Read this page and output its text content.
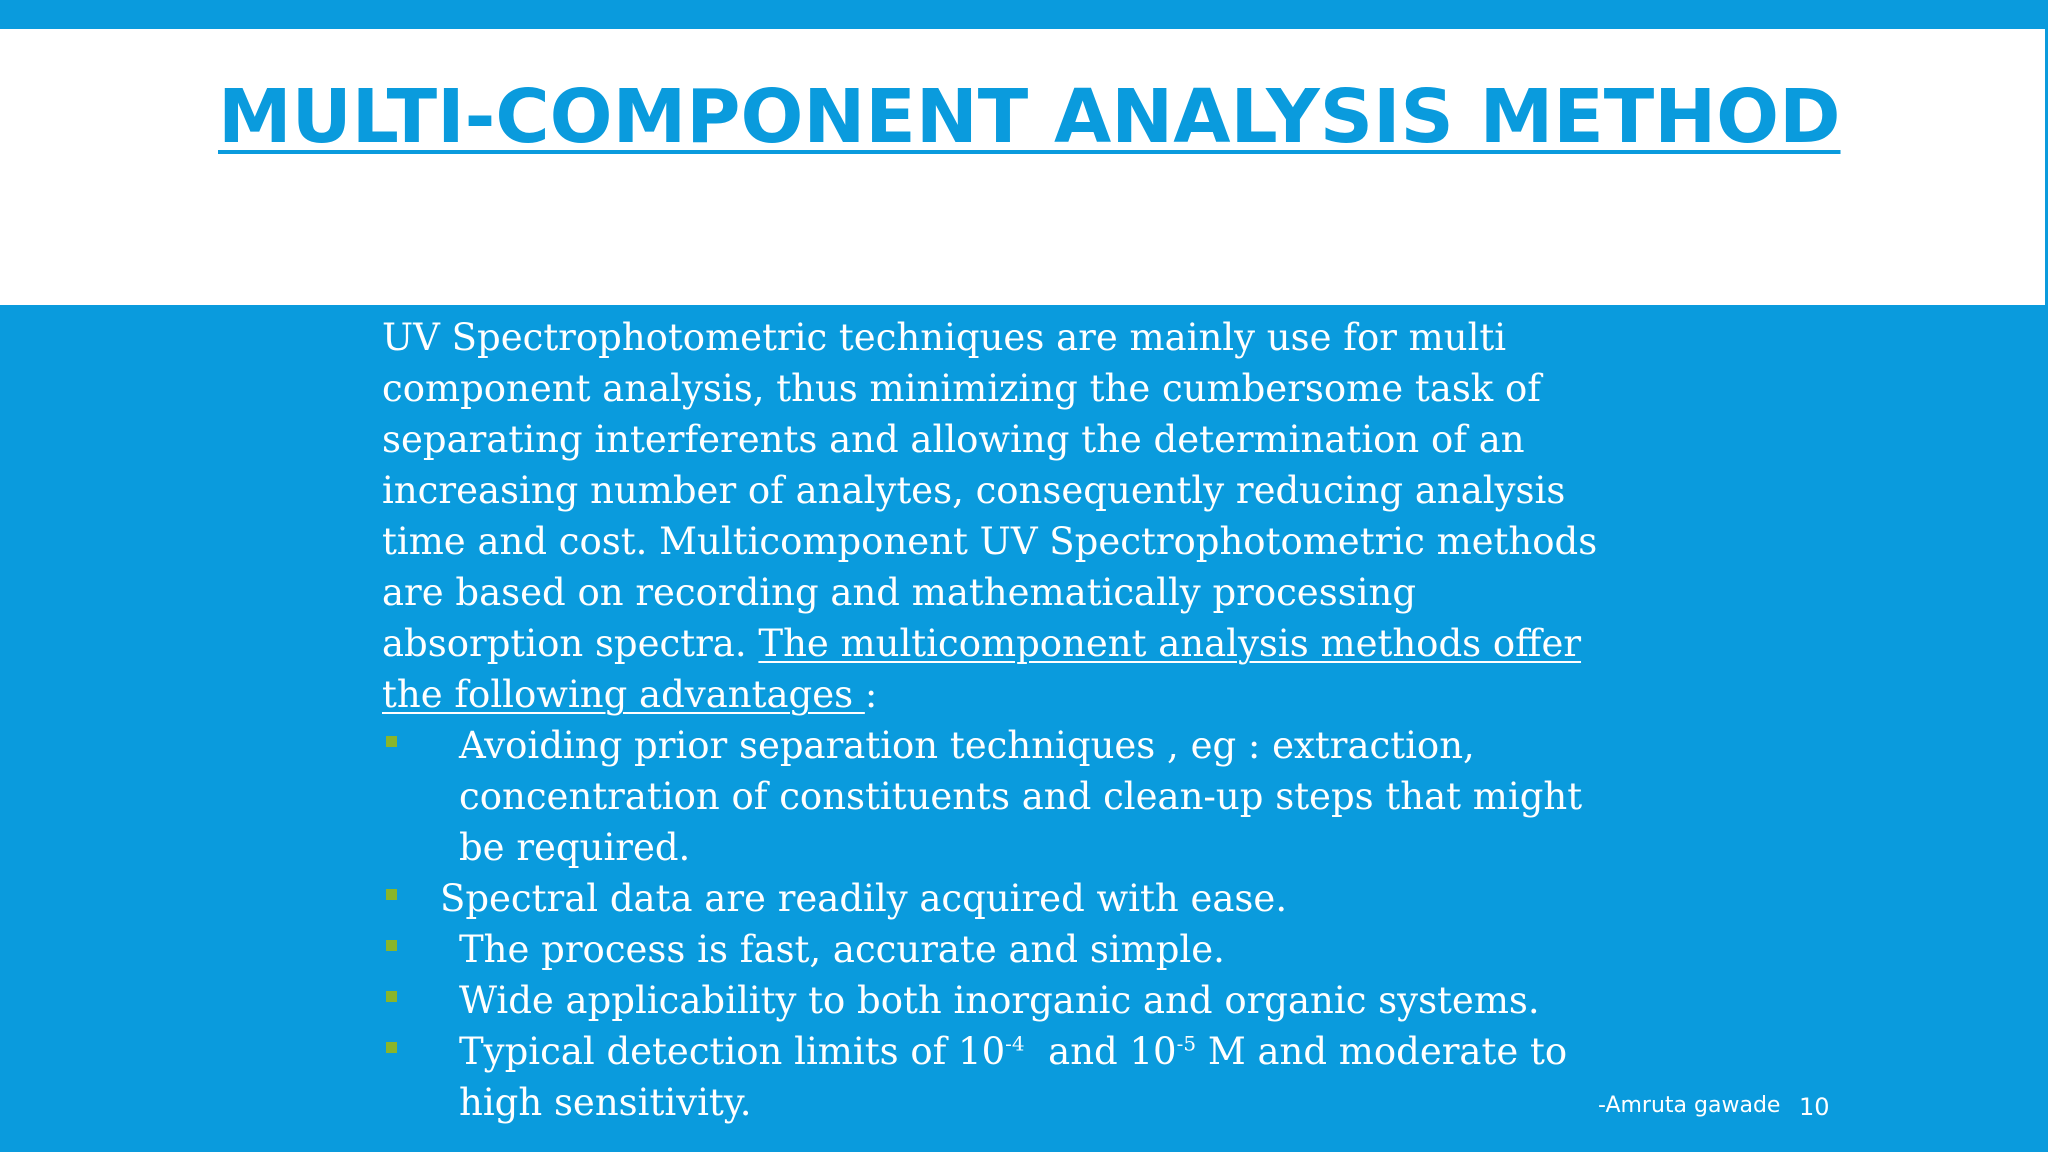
MULTI-COMPONENT ANALYSIS METHOD

UV Spectrophotometric techniques are mainly use for multi component analysis, thus minimizing the cumbersome task of separating interferents and allowing the determination of an increasing number of analytes, consequently reducing analysis time and cost. Multicomponent UV Spectrophotometric methods are based on recording and mathematically processing absorption spectra. The multicomponent analysis methods offer the following advantages :

Avoiding prior separation techniques , eg : extraction, concentration of constituents and clean-up steps that might be required.
Spectral data are readily acquired with ease.
The process is fast, accurate and simple.
Wide applicability to both inorganic and organic systems.
Typical detection limits of $10^{-4}$  and $10^{-5}$ M and moderate to high sensitivity.	-Amruta gawade 10
